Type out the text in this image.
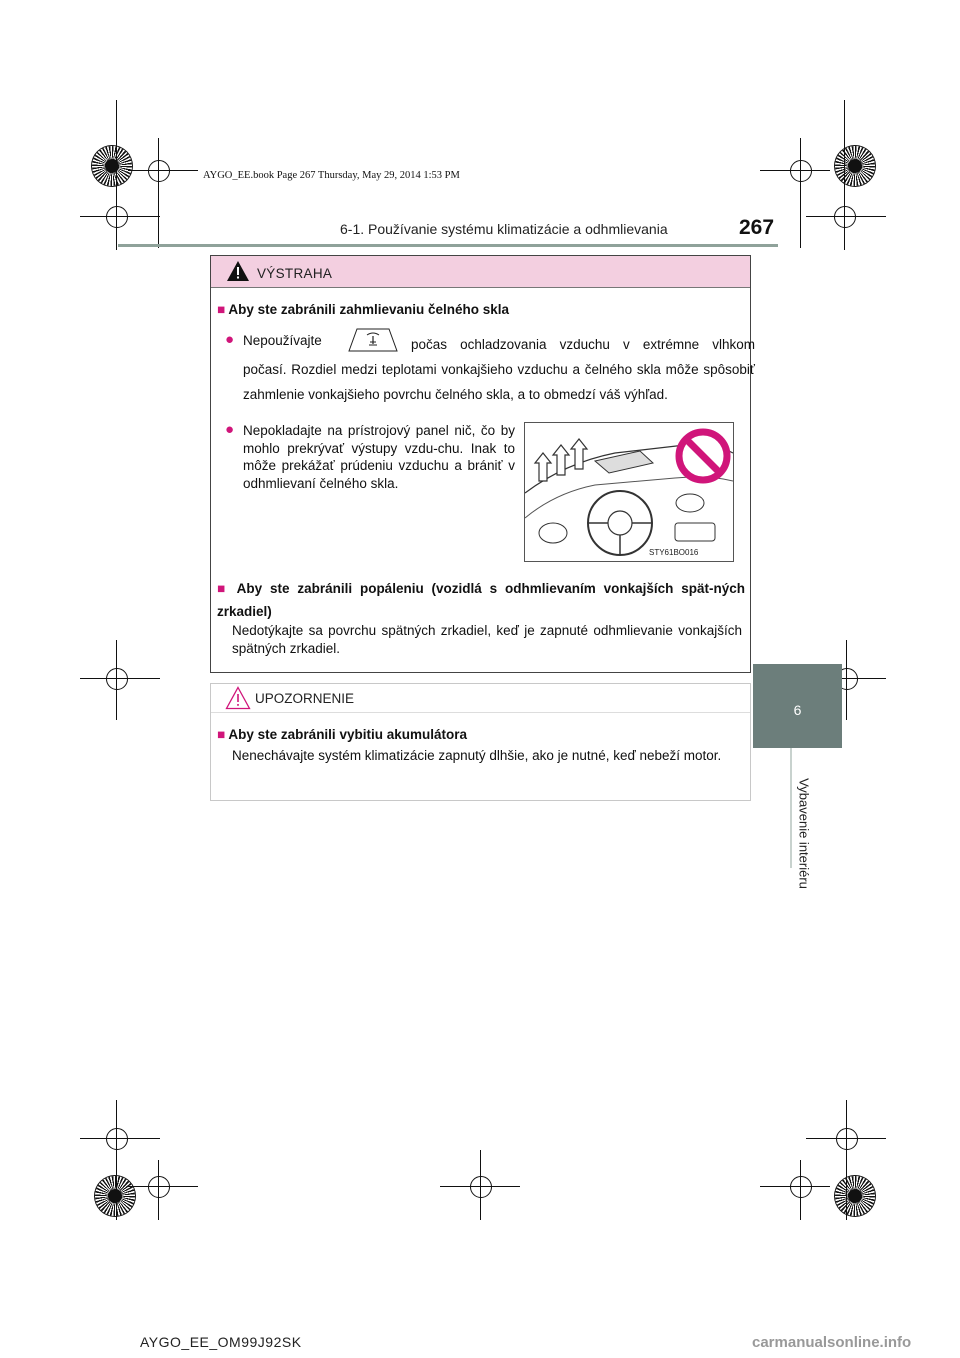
AYGO_EE.book Page 267 Thursday, May 29, 2014 1:53 PM
6-1. Používanie systému klimatizácie a odhmlievania	267
6
Vybavenie interiéru
VÝSTRAHA
■ Aby ste zabránili zahmlievaniu čelného skla
● Nepoužívajte	počas ochladzovania vzduchu v extrémne vlhkom počasí. Rozdiel medzi teplotami vonkajšieho vzduchu a čelného skla môže spôsobiť zahmlenie vonkajšieho povrchu čelného skla, a to obmedzí váš výhľad.
● Nepokladajte na prístrojový panel nič, čo by mohlo prekrývať výstupy vzdu-chu. Inak to môže prekážať prúdeniu vzduchu a brániť v odhmlievaní čelného skla.
STY61BO016
■ Aby ste zabránili popáleniu (vozidlá s odhmlievaním vonkajších spät-ných zrkadiel)
Nedotýkajte sa povrchu spätných zrkadiel, keď je zapnuté odhmlievanie vonkajších spätných zrkadiel.
UPOZORNENIE
■ Aby ste zabránili vybitiu akumulátora
Nenechávajte systém klimatizácie zapnutý dlhšie, ako je nutné, keď nebeží motor.
AYGO_EE_OM99J92SK	carmanualsonline.info
